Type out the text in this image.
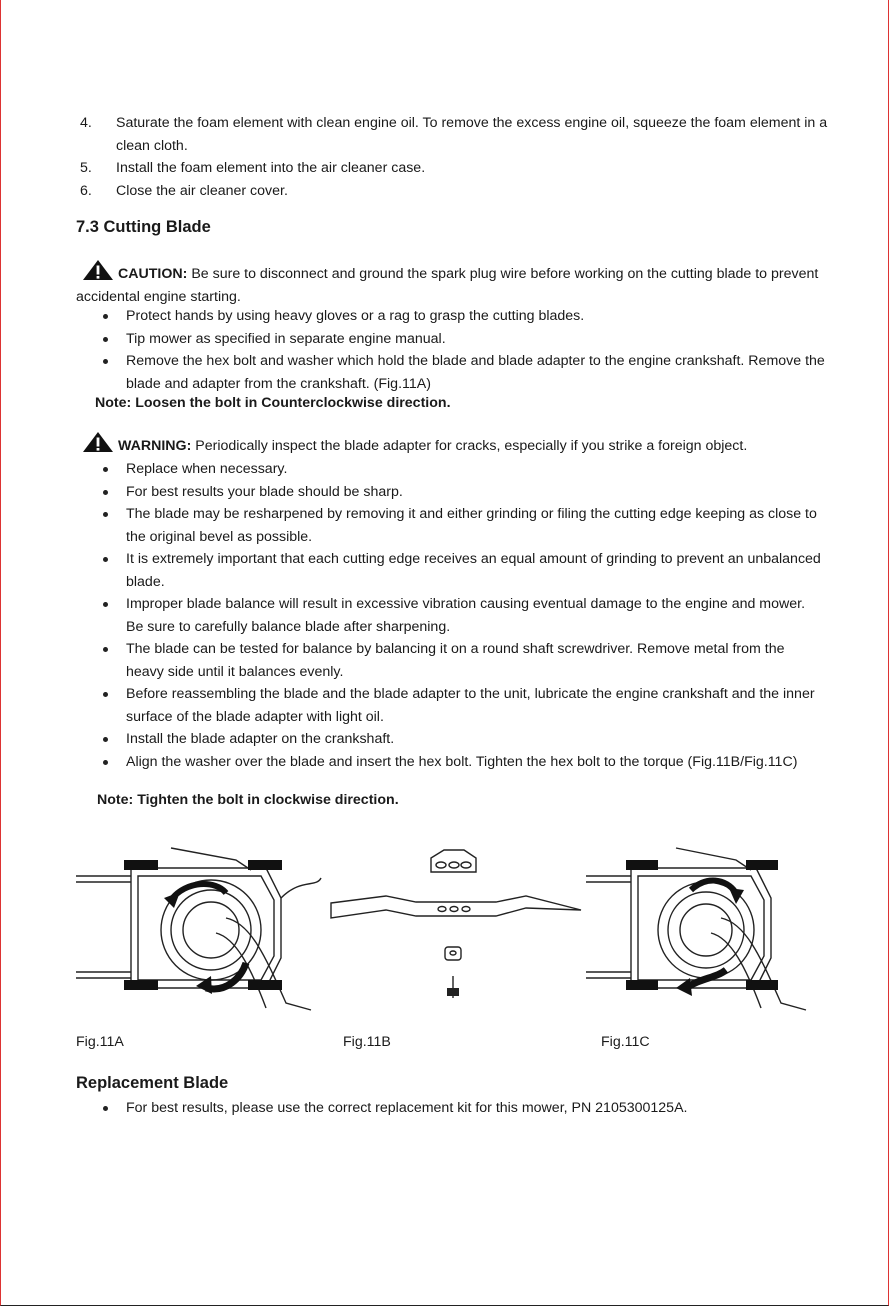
4.	Saturate the foam element with clean engine oil. To remove the excess engine oil, squeeze the foam element in a clean cloth.
5.	Install the foam element into the air cleaner case.
6.	Close the air cleaner cover.
7.3 Cutting Blade
CAUTION: Be sure to disconnect and ground the spark plug wire before working on the cutting blade to prevent accidental engine starting.
Protect hands by using heavy gloves or a rag to grasp the cutting blades.
Tip mower as specified in separate engine manual.
Remove the hex bolt and washer which hold the blade and blade adapter to the engine crankshaft. Remove the blade and adapter from the crankshaft. (Fig.11A)
Note: Loosen the bolt in Counterclockwise direction.
WARNING: Periodically inspect the blade adapter for cracks, especially if you strike a foreign object.
Replace when necessary.
For best results your blade should be sharp.
The blade may be resharpened by removing it and either grinding or filing the cutting edge keeping as close to the original bevel as possible.
It is extremely important that each cutting edge receives an equal amount of grinding to prevent an unbalanced blade.
Improper blade balance will result in excessive vibration causing eventual damage to the engine and mower. Be sure to carefully balance blade after sharpening.
The blade can be tested for balance by balancing it on a round shaft screwdriver. Remove metal from the heavy side until it balances evenly.
Before reassembling the blade and the blade adapter to the unit, lubricate the engine crankshaft and the inner surface of the blade adapter with light oil.
Install the blade adapter on the crankshaft.
Align the washer over the blade and insert the hex bolt. Tighten the hex bolt to the torque (Fig.11B/Fig.11C)
Note: Tighten the bolt in clockwise direction.
Fig.11A	Fig.11B	Fig.11C
Replacement Blade
For best results, please use the correct replacement kit for this mower, PN 2105300125A.
